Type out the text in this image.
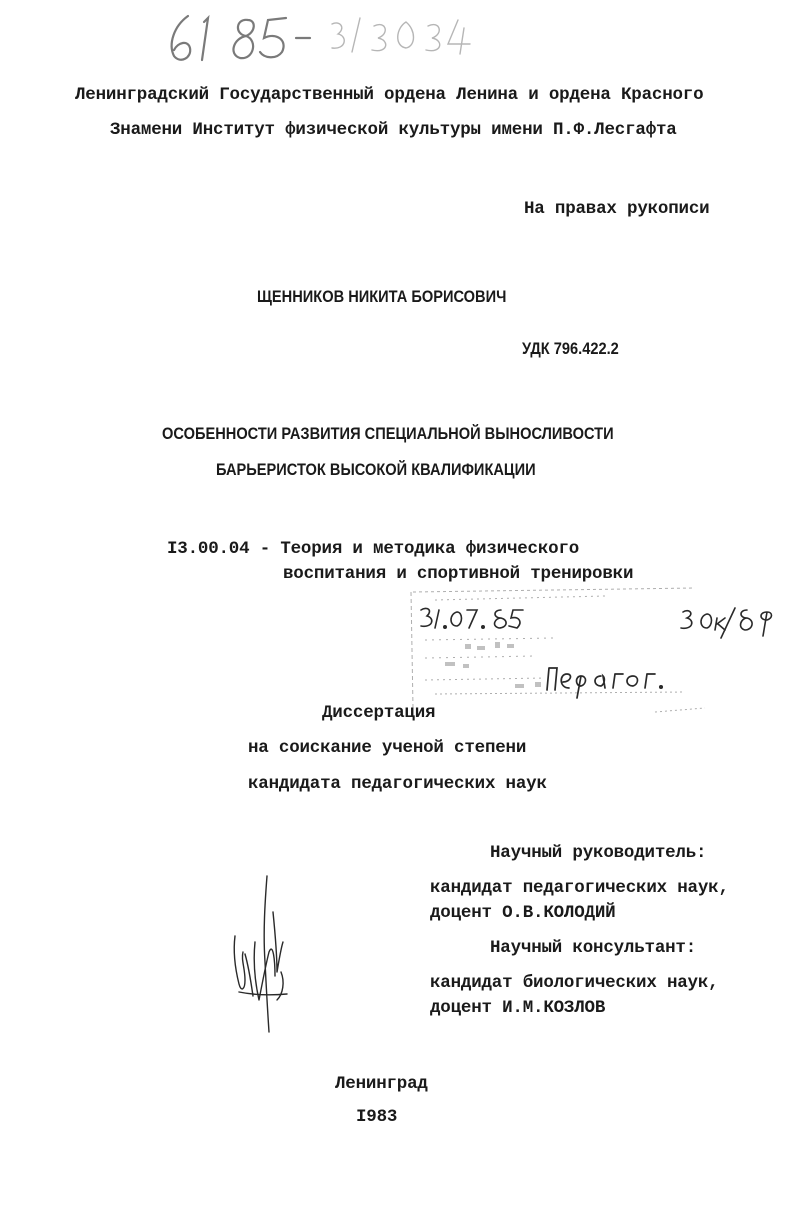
Ленинградский Государственный ордена Ленина и ордена Красного
Знамени Институт физической культуры имени П.Ф.Лесгафта
На правах рукописи
ЩЕННИКОВ НИКИТА БОРИСОВИЧ
УДК 796.422.2
ОСОБЕННОСТИ РАЗВИТИЯ СПЕЦИАЛЬНОЙ ВЫНОСЛИВОСТИ
БАРЬЕРИСТОК ВЫСОКОЙ КВАЛИФИКАЦИИ
I3.00.04 - Теория и методика физического
воспитания и спортивной тренировки
Диссертация
на соискание ученой степени
кандидата педагогических наук
Научный руководитель:
кандидат педагогических наук,
доцент О.В.КОЛОДИЙ
Научный консультант:
кандидат биологических наук,
доцент И.М.КОЗЛОВ
Ленинград
I983
